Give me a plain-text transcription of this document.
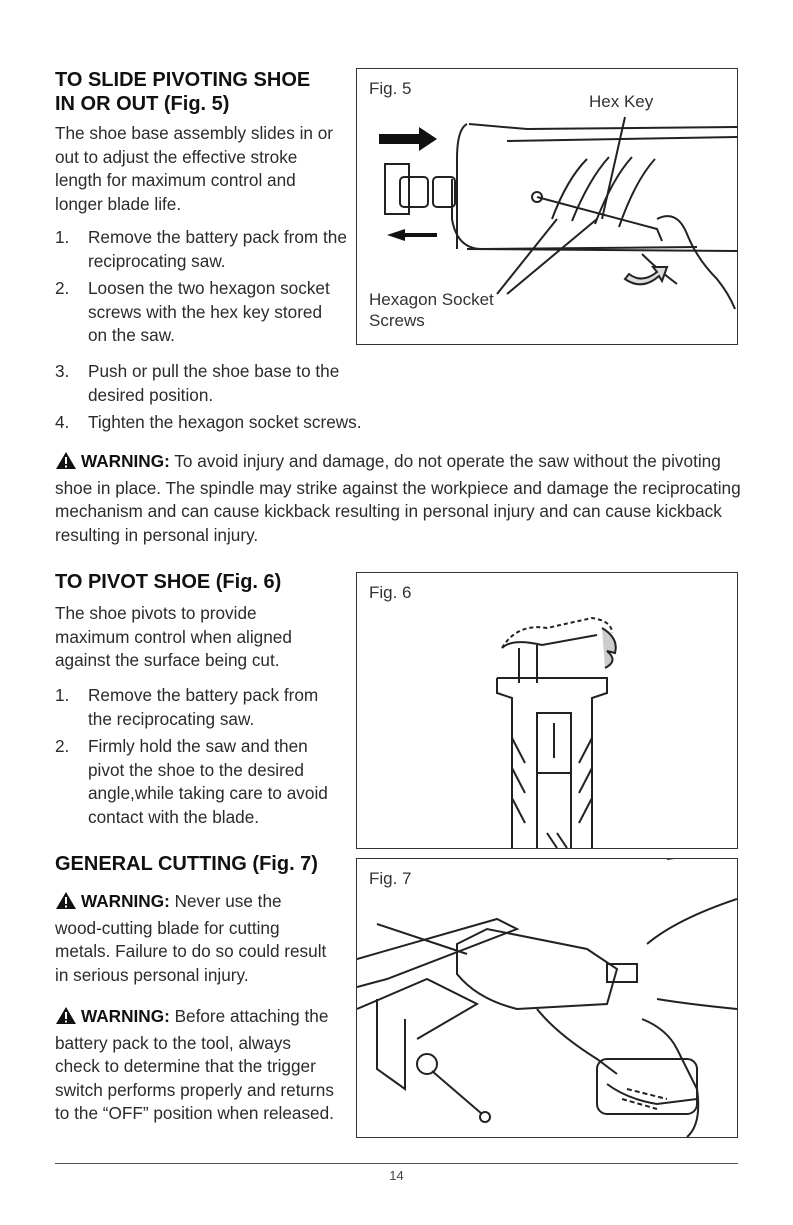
TO SLIDE PIVOTING SHOE

IN OR OUT (Fig. 5)

The shoe base assembly slides in or out to adjust the effective stroke length for maximum control and longer blade life.

1. Remove the battery pack from the reciprocating saw.
2. Loosen the two hexagon socket screws with the hex key stored on the saw.
3. Push or pull the shoe base to the desired position.
4. Tighten the hexagon socket screws.

WARNING: To avoid injury and damage, do not operate the saw without the pivoting shoe in place. The spindle may strike against the workpiece and damage the reciprocating mechanism and can cause kickback resulting in personal injury and can cause kickback resulting in personal injury.

Fig. 5
Hex Key
Hexagon Socket
Screws

TO PIVOT SHOE (Fig. 6)

The shoe pivots to provide maximum control when aligned against the surface being cut.

1. Remove the battery pack from the reciprocating saw.
2. Firmly hold the saw and then pivot the shoe to the desired angle,while taking care to avoid contact with the blade.
Fig. 6

GENERAL CUTTING (Fig. 7)

WARNING: Never use the wood-cutting blade for cutting metals. Failure to do so could result in serious personal injury.

WARNING: Before attaching the battery pack to the tool, always check to determine that the trigger switch performs properly and returns to the “OFF” position when released.

Fig. 7
14
